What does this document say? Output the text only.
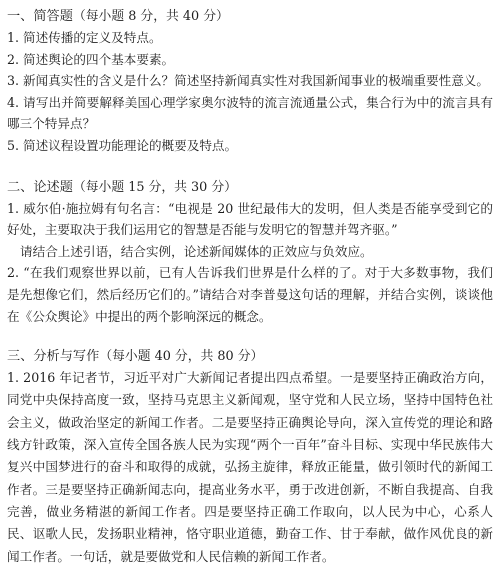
一、简答题（每小题 8 分，共 40 分）
1. 简述传播的定义及特点。
2. 简述舆论的四个基本要素。
3. 新闻真实性的含义是什么？简述坚持新闻真实性对我国新闻事业的极端重要性意义。
4. 请写出并简要解释美国心理学家奥尔波特的流言流通量公式，集合行为中的流言具有哪三个特异点？
5. 简述议程设置功能理论的概要及特点。
二、论述题（每小题 15 分，共 30 分）
1. 威尔伯·施拉姆有句名言：“电视是 20 世纪最伟大的发明，但人类是否能享受到它的好处，主要取决于我们运用它的智慧是否能与发明它的智慧并驾齐驱。”
请结合上述引语，结合实例，论述新闻媒体的正效应与负效应。
2. “在我们观察世界以前，已有人告诉我们世界是什么样的了。对于大多数事物，我们是先想像它们，然后经历它们的。”请结合对李普曼这句话的理解，并结合实例，谈谈他在《公众舆论》中提出的两个影响深远的概念。
三、分析与写作（每小题 40 分，共 80 分）
1. 2016 年记者节，习近平对广大新闻记者提出四点希望。一是要坚持正确政治方向，同党中央保持高度一致，坚持马克思主义新闻观，坚守党和人民立场，坚持中国特色社会主义，做政治坚定的新闻工作者。二是要坚持正确舆论导向，深入宣传党的理论和路线方针政策，深入宣传全国各族人民为实现“两个一百年”奋斗目标、实现中华民族伟大复兴中国梦进行的奋斗和取得的成就，弘扬主旋律，释放正能量，做引领时代的新闻工作者。三是要坚持正确新闻志向，提高业务水平，勇于改进创新，不断自我提高、自我完善，做业务精湛的新闻工作者。四是要坚持正确工作取向，以人民为中心，心系人民、讴歌人民，发扬职业精神，恪守职业道德，勤奋工作、甘于奉献，做作风优良的新闻工作者。一句话，就是要做党和人民信赖的新闻工作者。
